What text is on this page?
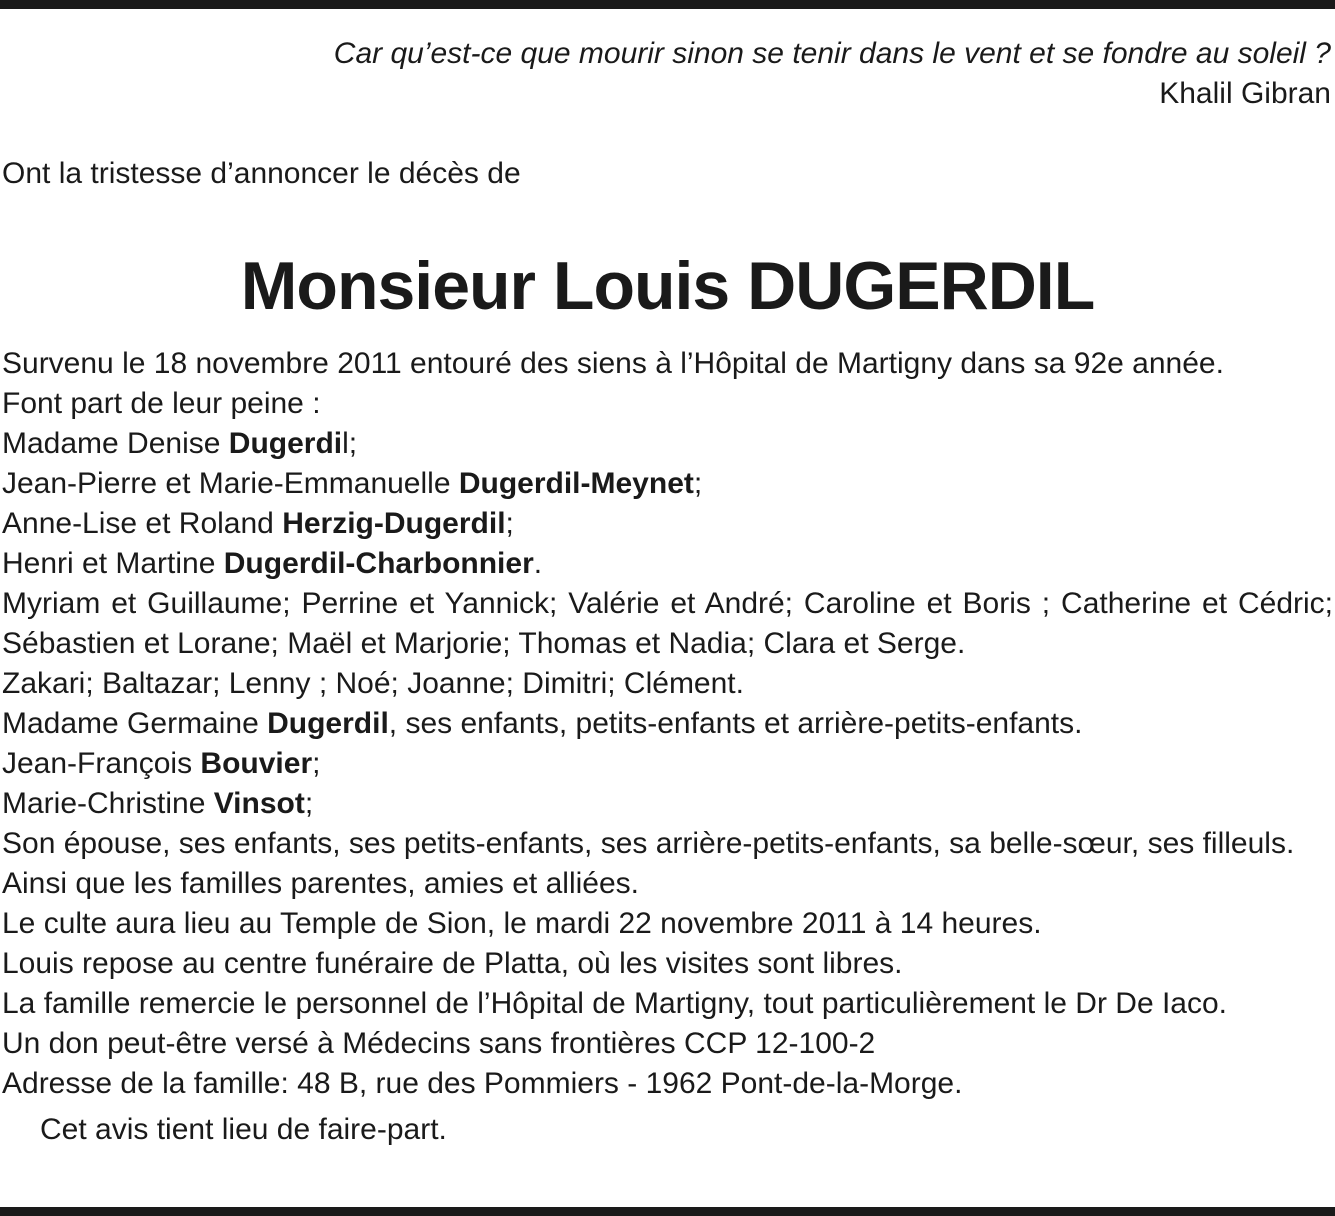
Car qu’est-ce que mourir sinon se tenir dans le vent et se fondre au soleil ?
Khalil Gibran
Ont la tristesse d’annoncer le décès de
Monsieur Louis DUGERDIL
Survenu le 18 novembre 2011 entouré des siens à l’Hôpital de Martigny dans sa 92e année.
Font part de leur peine :
Madame Denise Dugerdil;
Jean-Pierre et Marie-Emmanuelle Dugerdil-Meynet;
Anne-Lise et Roland Herzig-Dugerdil;
Henri et Martine Dugerdil-Charbonnier.
Myriam et Guillaume; Perrine et Yannick; Valérie et André; Caroline et Boris ; Catherine et Cédric; Sébastien et Lorane; Maël et Marjorie; Thomas et Nadia; Clara et Serge.
Zakari; Baltazar; Lenny ; Noé; Joanne; Dimitri; Clément.
Madame Germaine Dugerdil, ses enfants, petits-enfants et arrière-petits-enfants.
Jean-François Bouvier;
Marie-Christine Vinsot;
Son épouse, ses enfants, ses petits-enfants, ses arrière-petits-enfants, sa belle-sœur, ses filleuls.
Ainsi que les familles parentes, amies et alliées.
Le culte aura lieu au Temple de Sion, le mardi 22 novembre 2011 à 14 heures.
Louis repose au centre funéraire de Platta, où les visites sont libres.
La famille remercie le personnel de l’Hôpital de Martigny, tout particulièrement le Dr De Iaco.
Un don peut-être versé à Médecins sans frontières CCP 12-100-2
Adresse de la famille: 48 B, rue des Pommiers - 1962 Pont-de-la-Morge.
Cet avis tient lieu de faire-part.
